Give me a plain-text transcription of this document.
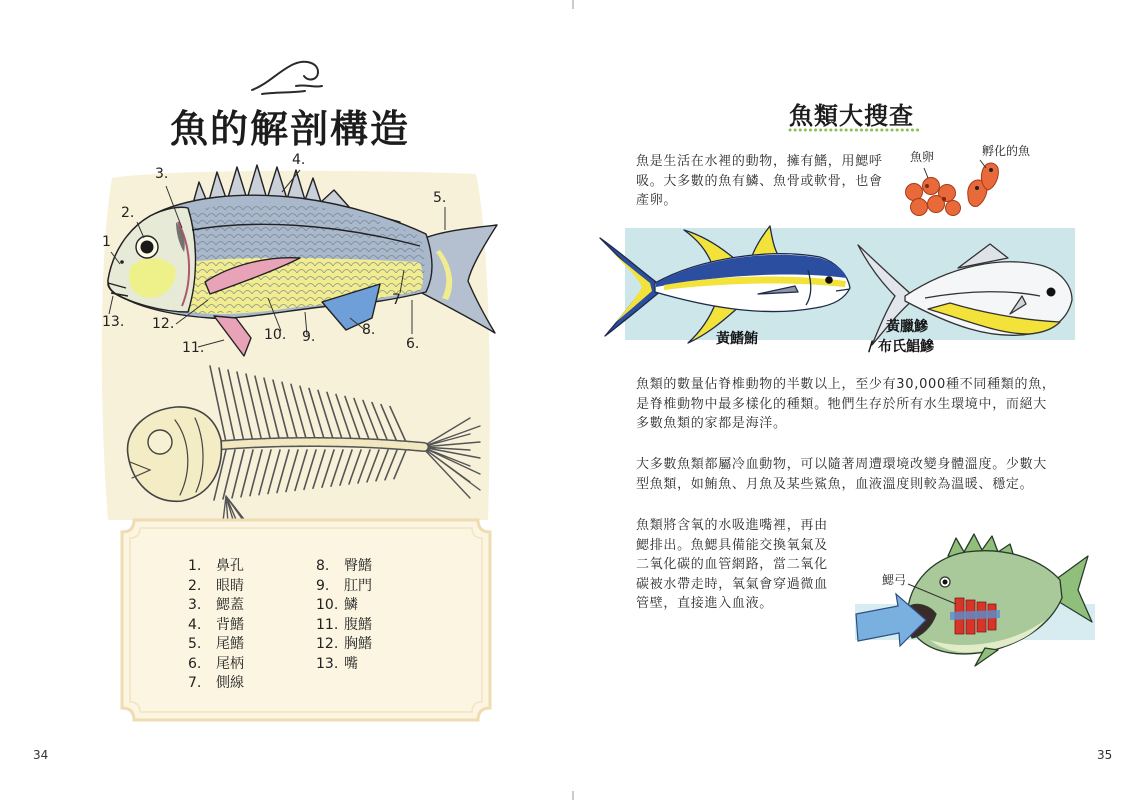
魚的解剖構造
1
2.
3.
4.
5.
6.
7
8.
9.
10.
11.
12.
13.
1. 鼻孔
2. 眼睛
3. 鰓蓋
4. 背鰭
5. 尾鰭
6. 尾柄
7. 側線
8. 臀鰭
9. 肛門
10. 鱗
11. 腹鰭
12. 胸鰭
13. 嘴
34
魚類大搜查
魚是生活在水裡的動物，擁有鰭，用鰓呼
吸。大多數的魚有鱗、魚骨或軟骨，也會
產卵。
魚卵	孵化的魚
黃鰭鮪
黃臘鰺
/ 布氏鯧鰺
魚類的數量佔脊椎動物的半數以上，至少有30,000種不同種類的魚，
是脊椎動物中最多樣化的種類。牠們生存於所有水生環境中，而絕大
多數魚類的家都是海洋。
大多數魚類都屬冷血動物，可以隨著周遭環境改變身體溫度。少數大
型魚類，如鮪魚、月魚及某些鯊魚，血液溫度則較為溫暖、穩定。
魚類將含氧的水吸進嘴裡，再由
鰓排出。魚鰓具備能交換氧氣及
二氧化碳的血管網路，當二氧化
碳被水帶走時，氧氣會穿過微血
管壁，直接進入血液。
鰓弓
35
